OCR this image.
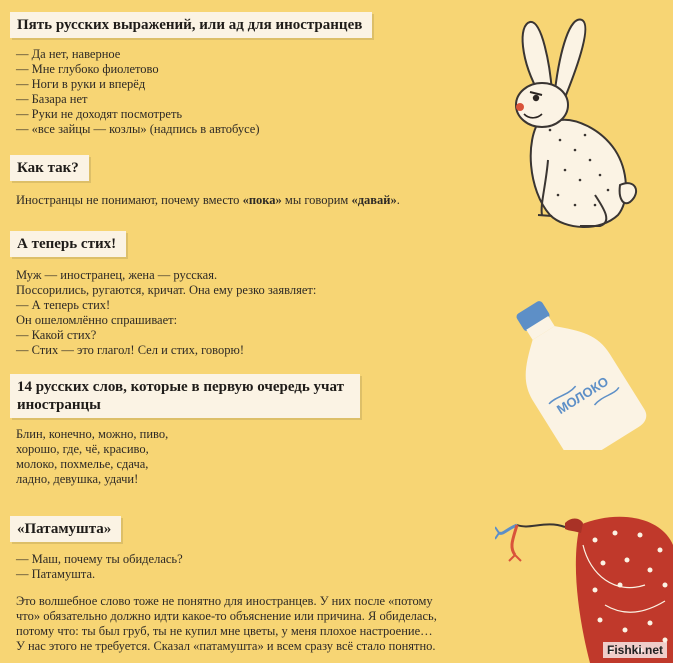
Пять русских выражений, или ад для иностранцев
— Да нет, наверное
— Мне глубоко фиолетово
— Ноги в руки и вперёд
— Базара нет
— Руки не доходят посмотреть
— «все зайцы — козлы» (надпись в автобусе)
Как так?
Иностранцы не понимают, почему вместо «пока» мы говорим «давай».
А теперь стих!
Муж — иностранец, жена — русская.
Поссорились, ругаются, кричат. Она ему резко заявляет:
— А теперь стих!
Он ошеломлённо спрашивает:
— Какой стих?
— Стих — это глагол! Сел и стих, говорю!
14 русских слов, которые в первую очередь учат
иностранцы
Блин, конечно, можно, пиво,
хорошо, где, чё, красиво,
молоко, похмелье, сдача,
ладно, девушка, удачи!
«Патамушта»
— Маш, почему ты обиделась?
— Патамушта.
Это волшебное слово тоже не понятно для иностранцев. У них после «потому
что» обязательно должно идти какое-то объяснение или причина. Я обиделась,
потому что: ты был груб, ты не купил мне цветы, у меня плохое настроение…
У нас этого не требуется. Сказал «патамушта» и всем сразу всё стало понятно.
МОЛОКО
Fishki.net
